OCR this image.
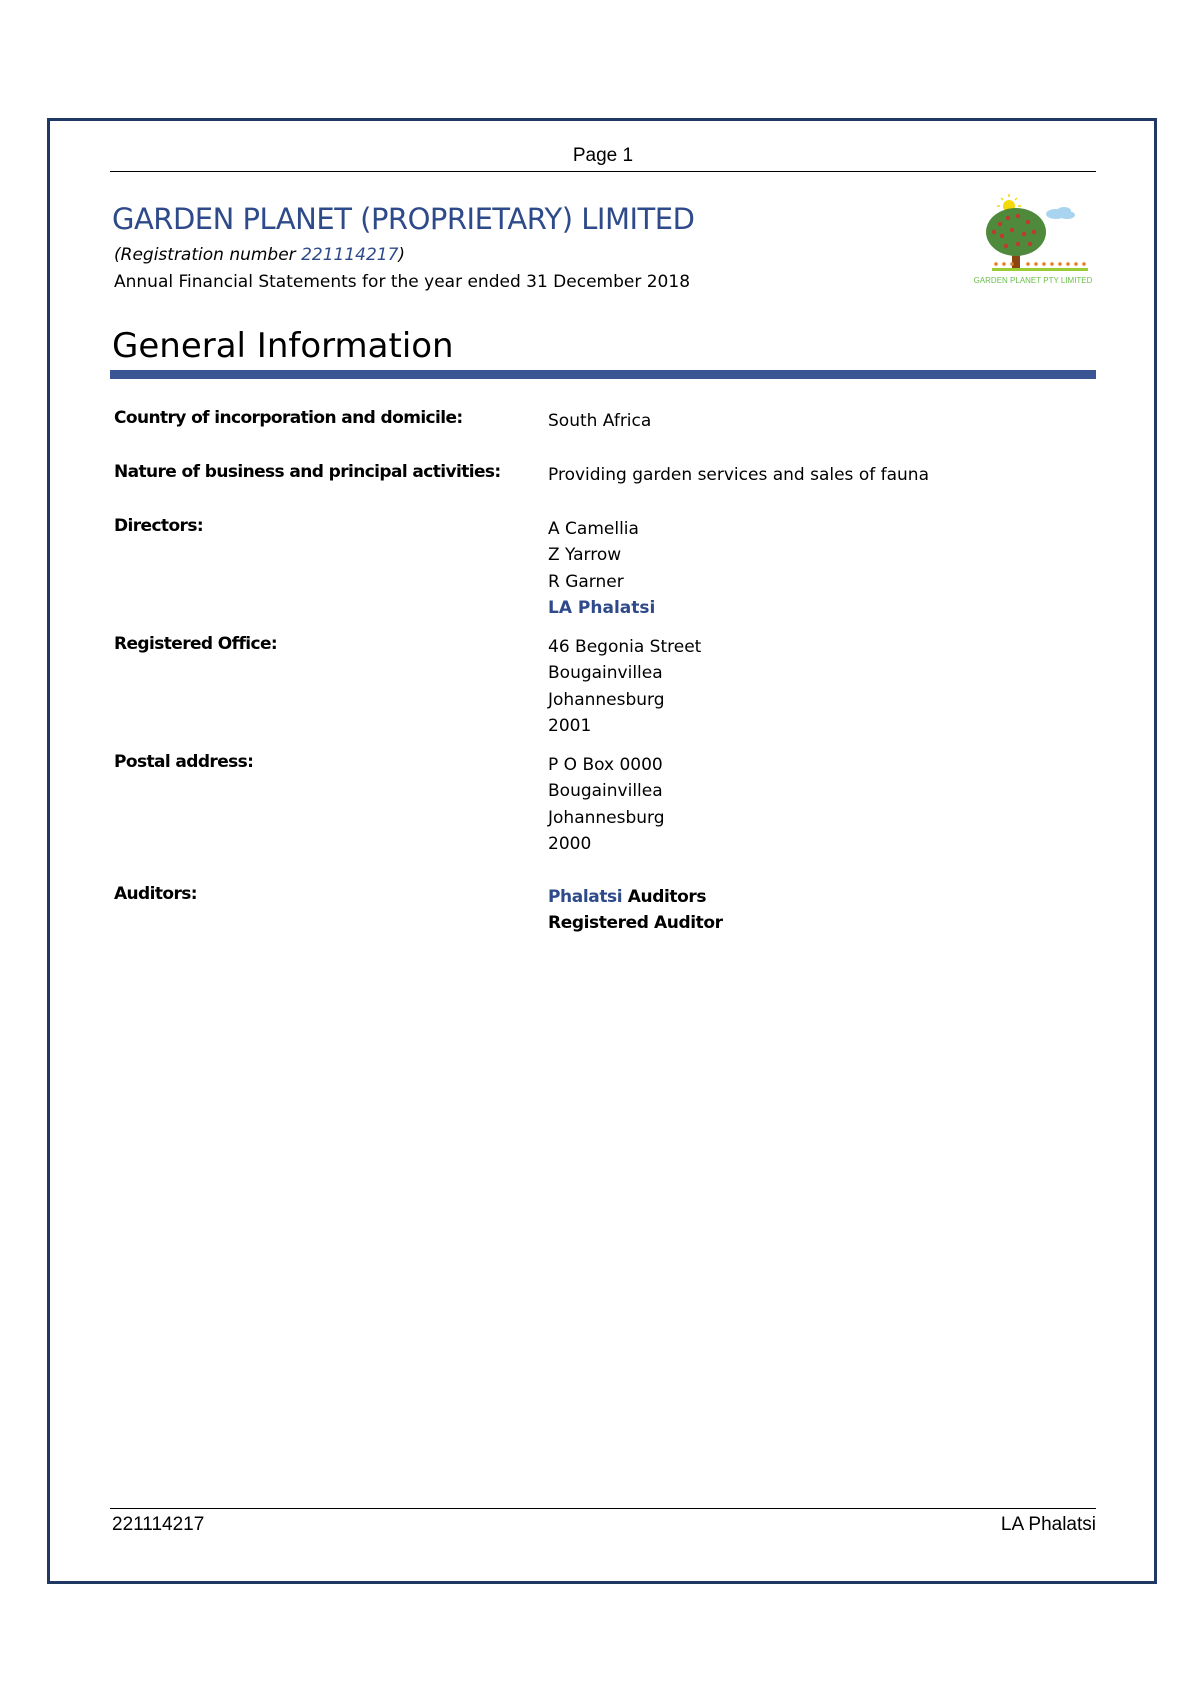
Page 1
GARDEN PLANET (PROPRIETARY) LIMITED
(Registration number 221114217)
Annual Financial Statements for the year ended 31 December 2018	GARDEN PLANET PTY LIMITED
General Information
Country of incorporation and domicile:	South Africa
Nature of business and principal activities:	Providing garden services and sales of fauna
Directors:	A Camellia
Z Yarrow
R Garner
LA Phalatsi
Registered Office:	46 Begonia Street
Bougainvillea
Johannesburg
2001
Postal address:	P O Box 0000
Bougainvillea
Johannesburg
2000
Auditors:	Phalatsi Auditors
Registered Auditor
221114217	LA Phalatsi
